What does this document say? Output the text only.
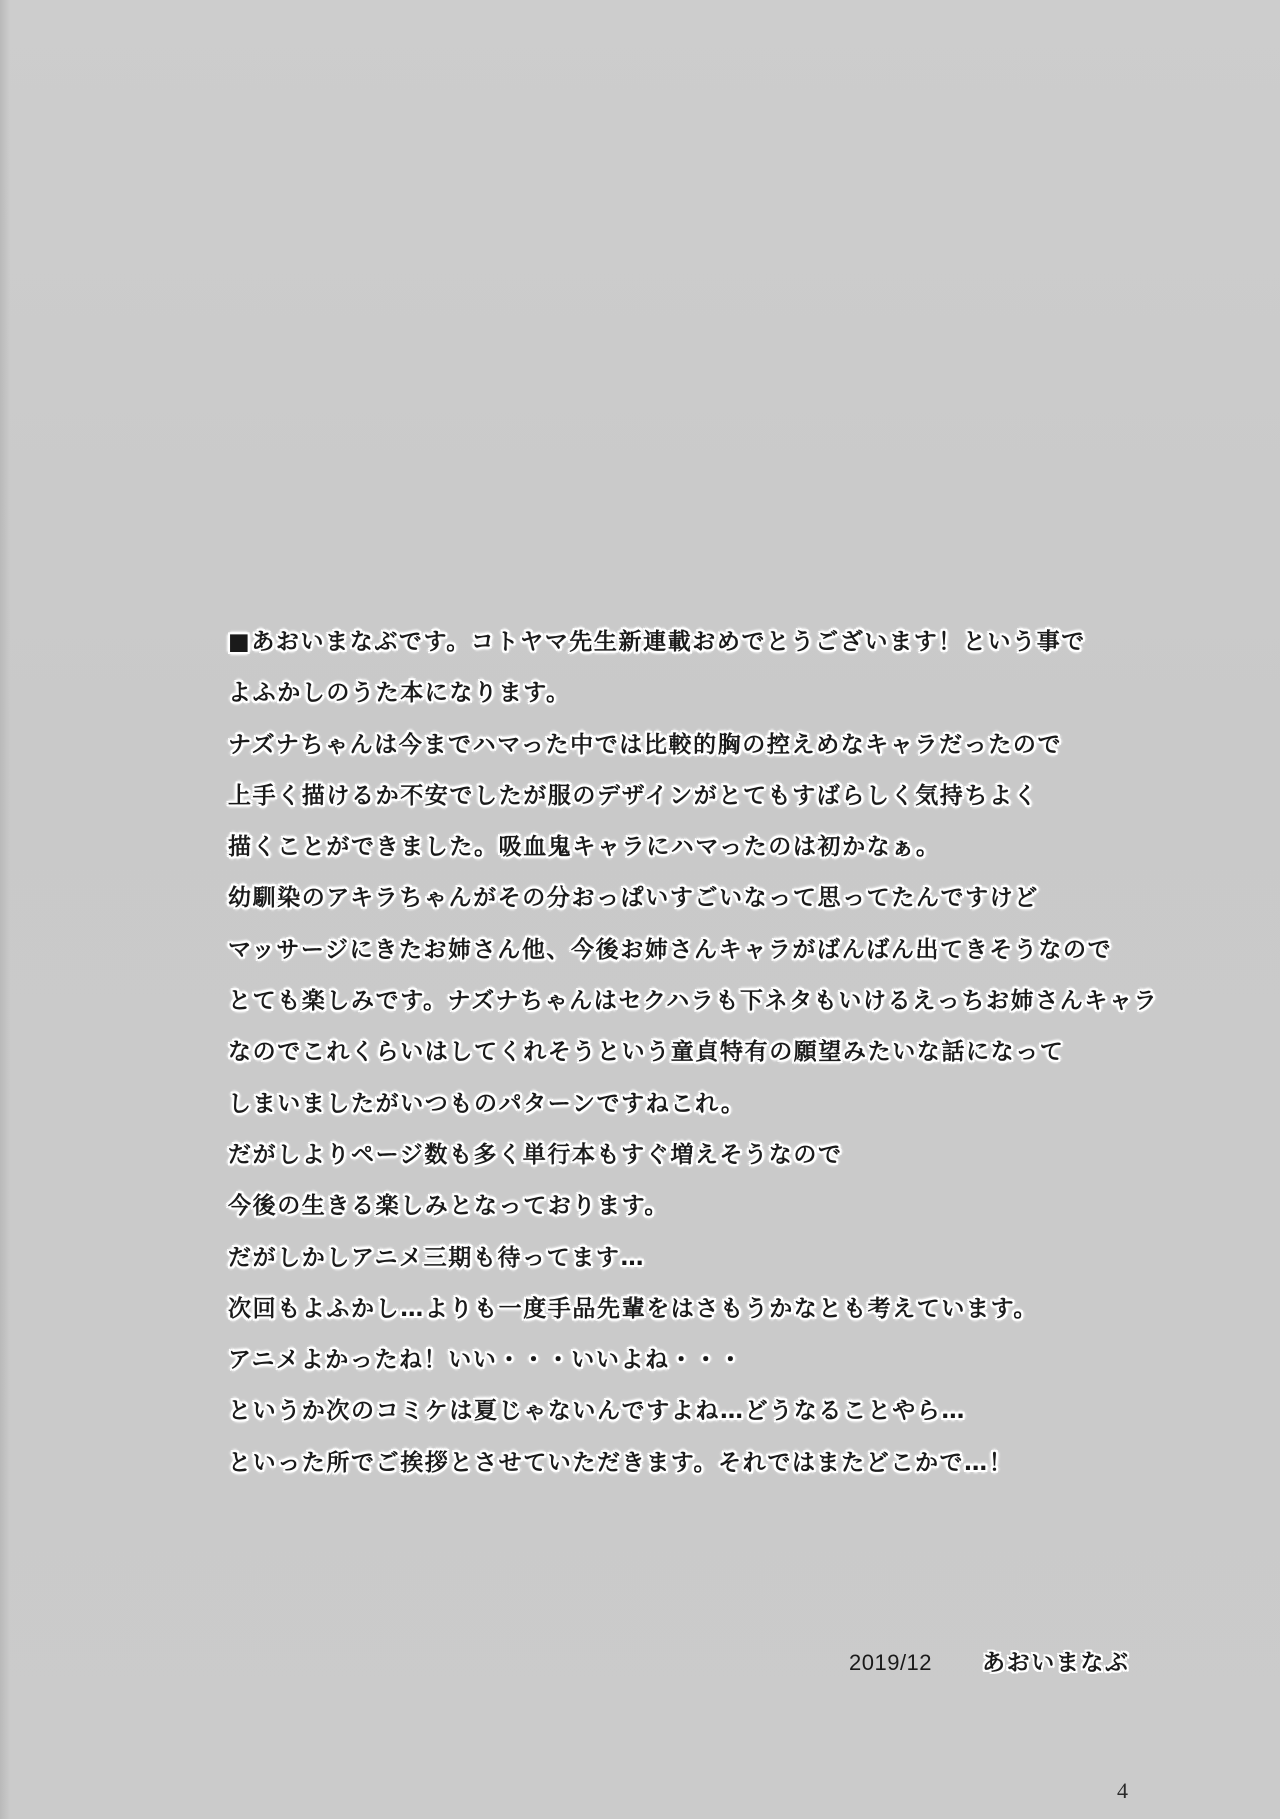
■あおいまなぶです。コトヤマ先生新連載おめでとうございます！という事で
よふかしのうた本になります。
ナズナちゃんは今までハマった中では比較的胸の控えめなキャラだったので
上手く描けるか不安でしたが服のデザインがとてもすばらしく気持ちよく
描くことができました。吸血鬼キャラにハマったのは初かなぁ。
幼馴染のアキラちゃんがその分おっぱいすごいなって思ってたんですけど
マッサージにきたお姉さん他、今後お姉さんキャラがばんばん出てきそうなので
とても楽しみです。ナズナちゃんはセクハラも下ネタもいけるえっちお姉さんキャラ
なのでこれくらいはしてくれそうという童貞特有の願望みたいな話になって
しまいましたがいつものパターンですねこれ。
だがしよりページ数も多く単行本もすぐ増えそうなので
今後の生きる楽しみとなっております。
だがしかしアニメ三期も待ってます…
次回もよふかし…よりも一度手品先輩をはさもうかなとも考えています。
アニメよかったね！いい・・・いいよね・・・
というか次のコミケは夏じゃないんですよね…どうなることやら…
といった所でご挨拶とさせていただきます。それではまたどこかで…！
2019/12 あおいまなぶ
4
